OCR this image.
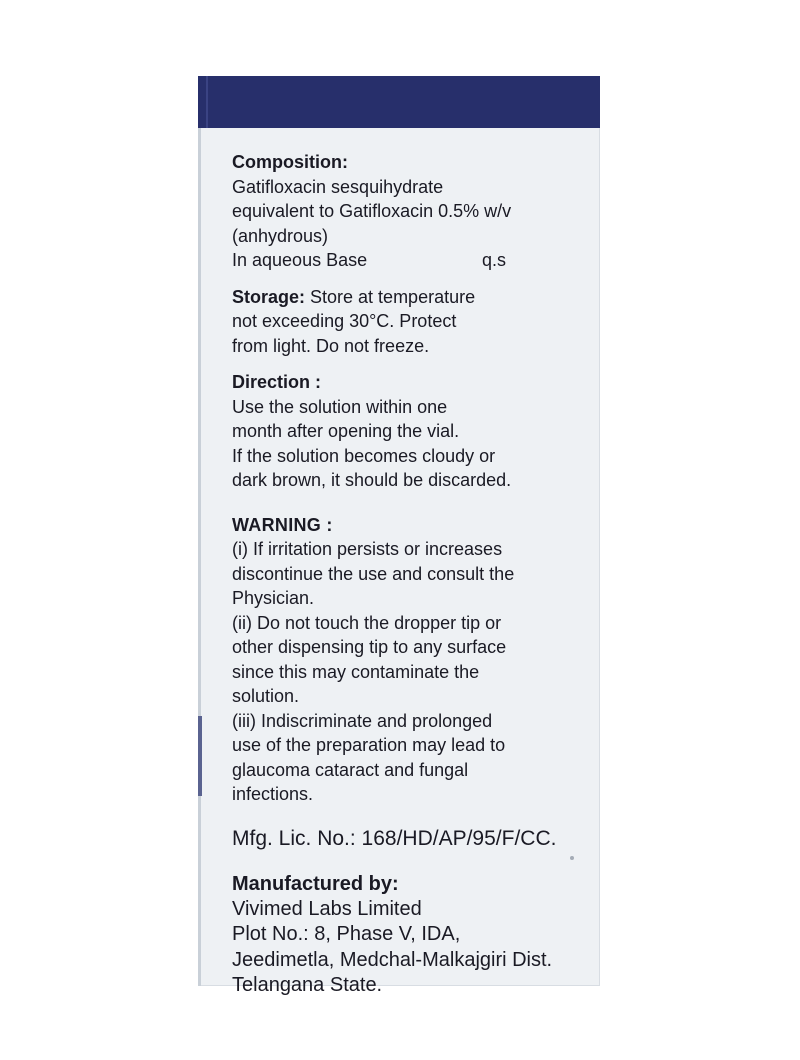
Composition:
Gatifloxacin sesquihydrate
equivalent to Gatifloxacin 0.5% w/v
(anhydrous)
In aqueous Base	q.s
Storage: Store at temperature
not exceeding 30°C. Protect
from light. Do not freeze.
Direction :
Use the solution within one
month after opening the vial.
If the solution becomes cloudy or
dark brown, it should be discarded.
WARNING :
(i) If irritation persists or increases
discontinue the use and consult the
Physician.
(ii) Do not touch the dropper tip or
other dispensing tip to any surface
since this may contaminate the
solution.
(iii) Indiscriminate and prolonged
use of the preparation may lead to
glaucoma cataract and fungal
infections.
Mfg. Lic. No.: 168/HD/AP/95/F/CC.
Manufactured by:
Vivimed Labs Limited
Plot No.: 8, Phase V, IDA,
Jeedimetla, Medchal-Malkajgiri Dist.
Telangana State.
